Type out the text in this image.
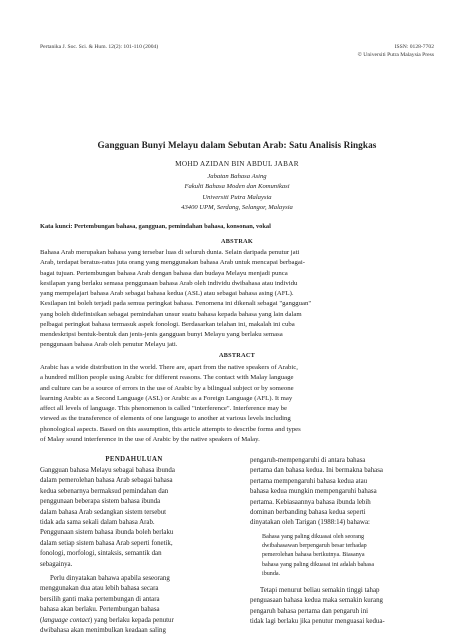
Pertanika J. Soc. Sci. & Hum. 12(2): 101-110 (2004)	ISSN: 0128-7702
© Universiti Putra Malaysia Press
Gangguan Bunyi Melayu dalam Sebutan Arab: Satu Analisis Ringkas
MOHD AZIDAN BIN ABDUL JABAR
Jabatan Bahasa Asing
Fakulti Bahasa Moden dan Komunikasi
Universiti Putra Malaysia
43400 UPM, Serdang, Selangor, Malaysia
Kata kunci: Pertembungan bahasa, gangguan, pemindahan bahasa, konsonan, vokal
ABSTRAK
Bahasa Arab merupakan bahasa yang tersebar luas di seluruh dunia. Selain daripada penutur jati
Arab, terdapat beratus-ratus juta orang yang menggunakan bahasa Arab untuk mencapai berbagai-
bagai tujuan. Pertembungan bahasa Arab dengan bahasa dan budaya Melayu menjadi punca
kesilapan yang berlaku semasa penggunaan bahasa Arab oleh individu dwibahasa atau individu
yang mempelajari bahasa Arab sebagai bahasa kedua (ASL) atau sebagai bahasa asing (AFL).
Kesilapan ini boleh terjadi pada semua peringkat bahasa. Fenomena ini dikenali sebagai "gangguan"
yang boleh didefinisikan sebagai pemindahan unsur suatu bahasa kepada bahasa yang lain dalam
pelbagai peringkat bahasa termasuk aspek fonologi. Berdasarkan telahan ini, makalah ini cuba
mendeskripsi bentuk-bentuk dan jenis-jenis gangguan bunyi Melayu yang berlaku semasa
penggunaan bahasa Arab oleh penutur Melayu jati.
ABSTRACT
Arabic has a wide distribution in the world. There are, apart from the native speakers of Arabic,
a hundred million people using Arabic for different reasons. The contact with Malay language
and culture can be a source of errors in the use of Arabic by a bilingual subject or by someone
learning Arabic as a Second Language (ASL) or Arabic as a Foreign Language (AFL). It may
affect all levels of language. This phenomenon is called "interference". Interference may be
viewed as the transference of elements of one language to another at various levels including
phonological aspects. Based on this assumption, this article attempts to describe forms and types
of Malay sound interference in the use of Arabic by the native speakers of Malay.
PENDAHULUAN
Gangguan bahasa Melayu sebagai bahasa ibunda
dalam pemerolehan bahasa Arab sebagai bahasa
kedua sebenarnya bermaksud pemindahan dan
penggunaan beberapa sistem bahasa ibunda
dalam bahasa Arab sedangkan sistem tersebut
tidak ada sama sekali dalam bahasa Arab.
Penggunaan sistem bahasa ibunda boleh berlaku
dalam setiap sistem bahasa Arab seperti fonetik,
fonologi, morfologi, sintaksis, semantik dan
sebagainya.
Perlu dinyatakan bahawa apabila seseorang
menggunakan dua atau lebih bahasa secara
bersilih ganti maka pertembungan di antara
bahasa akan berlaku. Pertembungan bahasa
(language contact) yang berlaku kepada penutur
dwibahasa akan menimbulkan keadaan saling
pengaruh-mempengaruhi di antara bahasa
pertama dan bahasa kedua. Ini bermakna bahasa
pertama mempengaruhi bahasa kedua atau
bahasa kedua mungkin mempengaruhi bahasa
pertama. Kebiasaannya bahasa ibunda lebih
dominan berbanding bahasa kedua seperti
dinyatakan oleh Tarigan (1988:14) bahawa:
Bahasa yang paling dikuasai oleh seorang
dwibahasawan berpengaruh besar terhadap
pemerolehan bahasa berikutnya. Biasanya
bahasa yang paling dikuasai ini adalah bahasa
ibunda.
Tetapi menurut beliau semakin tinggi tahap
penguasaan bahasa kedua maka semakin kurang
pengaruh bahasa pertama dan pengaruh ini
tidak lagi berlaku jika penutur menguasai kedua-
